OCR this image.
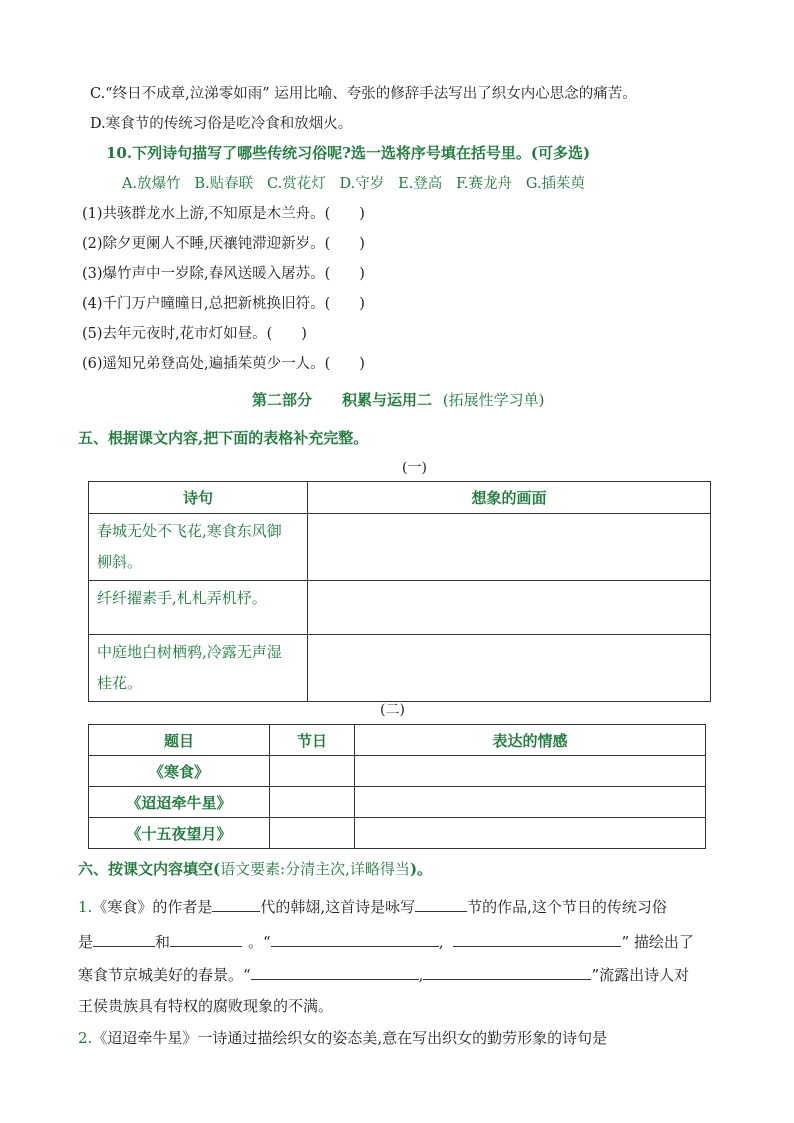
C.“终日不成章,泣涕零如雨” 运用比喻、夸张的修辞手法写出了织女内心思念的痛苦。
D.寒食节的传统习俗是吃冷食和放烟火。
10.下列诗句描写了哪些传统习俗呢?选一选将序号填在括号里。(可多选)
A.放爆竹 B.贴春联 C.赏花灯 D.守岁 E.登高 F.赛龙舟 G.插茱萸
(1)共骇群龙水上游,不知原是木兰舟。(　　)
(2)除夕更阑人不睡,厌禳钝滞迎新岁。(　　)
(3)爆竹声中一岁除,春风送暖入屠苏。(　　)
(4)千门万户曈曈日,总把新桃换旧符。(　　)
(5)去年元夜时,花市灯如昼。(　　)
(6)遥知兄弟登高处,遍插茱萸少一人。(　　)
第二部分　　积累与运用二 (拓展性学习单)
五、根据课文内容,把下面的表格补充完整。
(一)
诗句	想象的画面

春城无处不飞花,寒食东风御
柳斜。	

纤纤擢素手,札札弄机杼。	

中庭地白树栖鸦,冷露无声湿
桂花。	

(二)
题目	节日	表达的情感
《寒食》		
《迢迢牵牛星》		
《十五夜望月》		
六、按课文内容填空(语文要素:分清主次,详略得当)。
1.《寒食》的作者是	代的韩翃,这首诗是咏写	节的作品,这个节日的传统习俗
是	和	。“	,	” 描绘出了
寒食节京城美好的春景。“	,	”流露出诗人对
王侯贵族具有特权的腐败现象的不满。
2.《迢迢牵牛星》一诗通过描绘织女的姿态美,意在写出织女的勤劳形象的诗句是
